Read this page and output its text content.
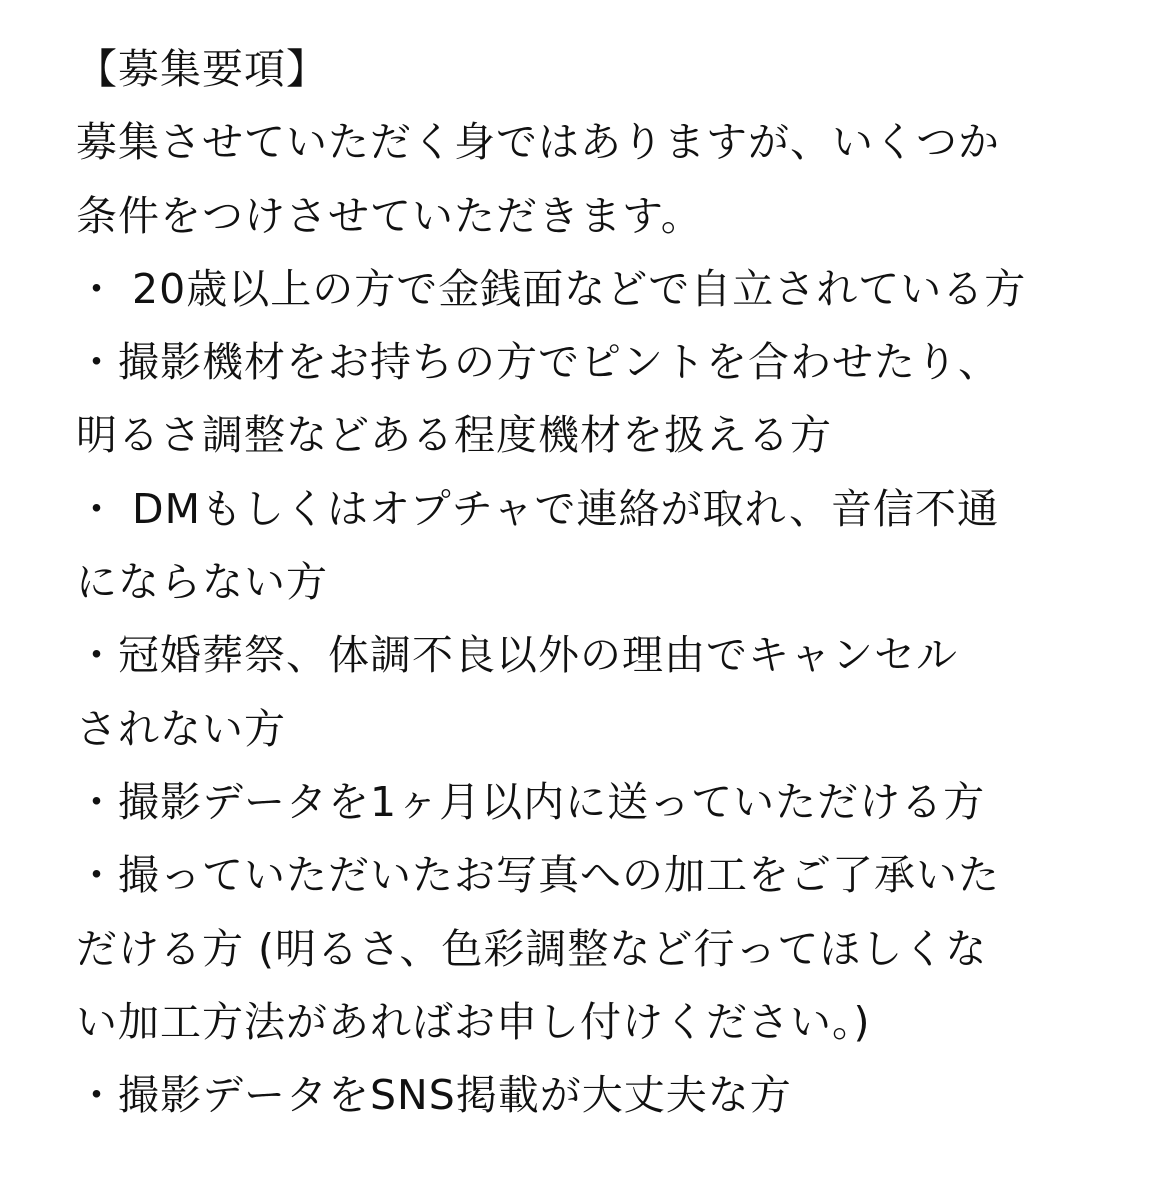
【募集要項】

募集させていただく身ではありますが、いくつか

条件をつけさせていただきます。

・ 20歳以上の方で金銭面などで自立されている方

・撮影機材をお持ちの方でピントを合わせたり、

明るさ調整などある程度機材を扱える方

・ DMもしくはオプチャで連絡が取れ、音信不通

にならない方

・冠婚葬祭、体調不良以外の理由でキャンセル

されない方

・撮影データを1ヶ月以内に送っていただける方

・撮っていただいたお写真への加工をご了承いた

だける方 (明るさ、色彩調整など行ってほしくな

い加工方法があればお申し付けください。)

・撮影データをSNS掲載が大丈夫な方
